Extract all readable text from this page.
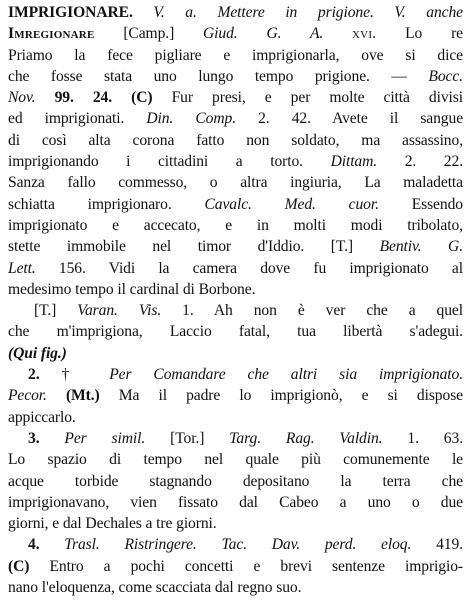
IMPRIGIONARE. V. a. Mettere in prigione. V. anche
Imregionare [Camp.] Giud. G. A. xvi. Lo re
Priamo la fece pigliare e imprigionarla, ove si dice
che fosse stata uno lungo tempo prigione. — Bocc.
Nov. 99. 24. (C) Fur presi, e per molte città divisi
ed imprigionati. Din. Comp. 2. 42. Avete il sangue
di così alta corona fatto non soldato, ma assassino,
imprigionando i cittadini a torto. Dittam. 2. 22.
Sanza fallo commesso, o altra ingiuria, La maladetta
schiatta imprigionaro. Cavalc. Med. cuor. Essendo
imprigionato e accecato, e in molti modi tribolato,
stette immobile nel timor d'Iddio. [T.] Bentiv. G.
Lett. 156. Vidi la camera dove fu imprigionato al
medesimo tempo il cardinal di Borbone.
[T.] Varan. Vis. 1. Ah non è ver che a quel
che m'imprigiona, Laccio fatal, tua libertà s'adegui.
(Qui fig.)
2. † Per Comandare che altri sia imprigionato.
Pecor. (Mt.) Ma il padre lo imprigionò, e si dispose
appiccarlo.
3. Per simil. [Tor.] Targ. Rag. Valdin. 1. 63.
Lo spazio di tempo nel quale più comunemente le
acque torbide stagnando depositano la terra che
imprigionavano, vien fissato dal Cabeo a uno o due
giorni, e dal Dechales a tre giorni.
4. Trasl. Ristringere. Tac. Dav. perd. eloq. 419.
(C) Entro a pochi concetti e brevi sentenze imprigio-
nano l'eloquenza, come scacciata dal regno suo.
